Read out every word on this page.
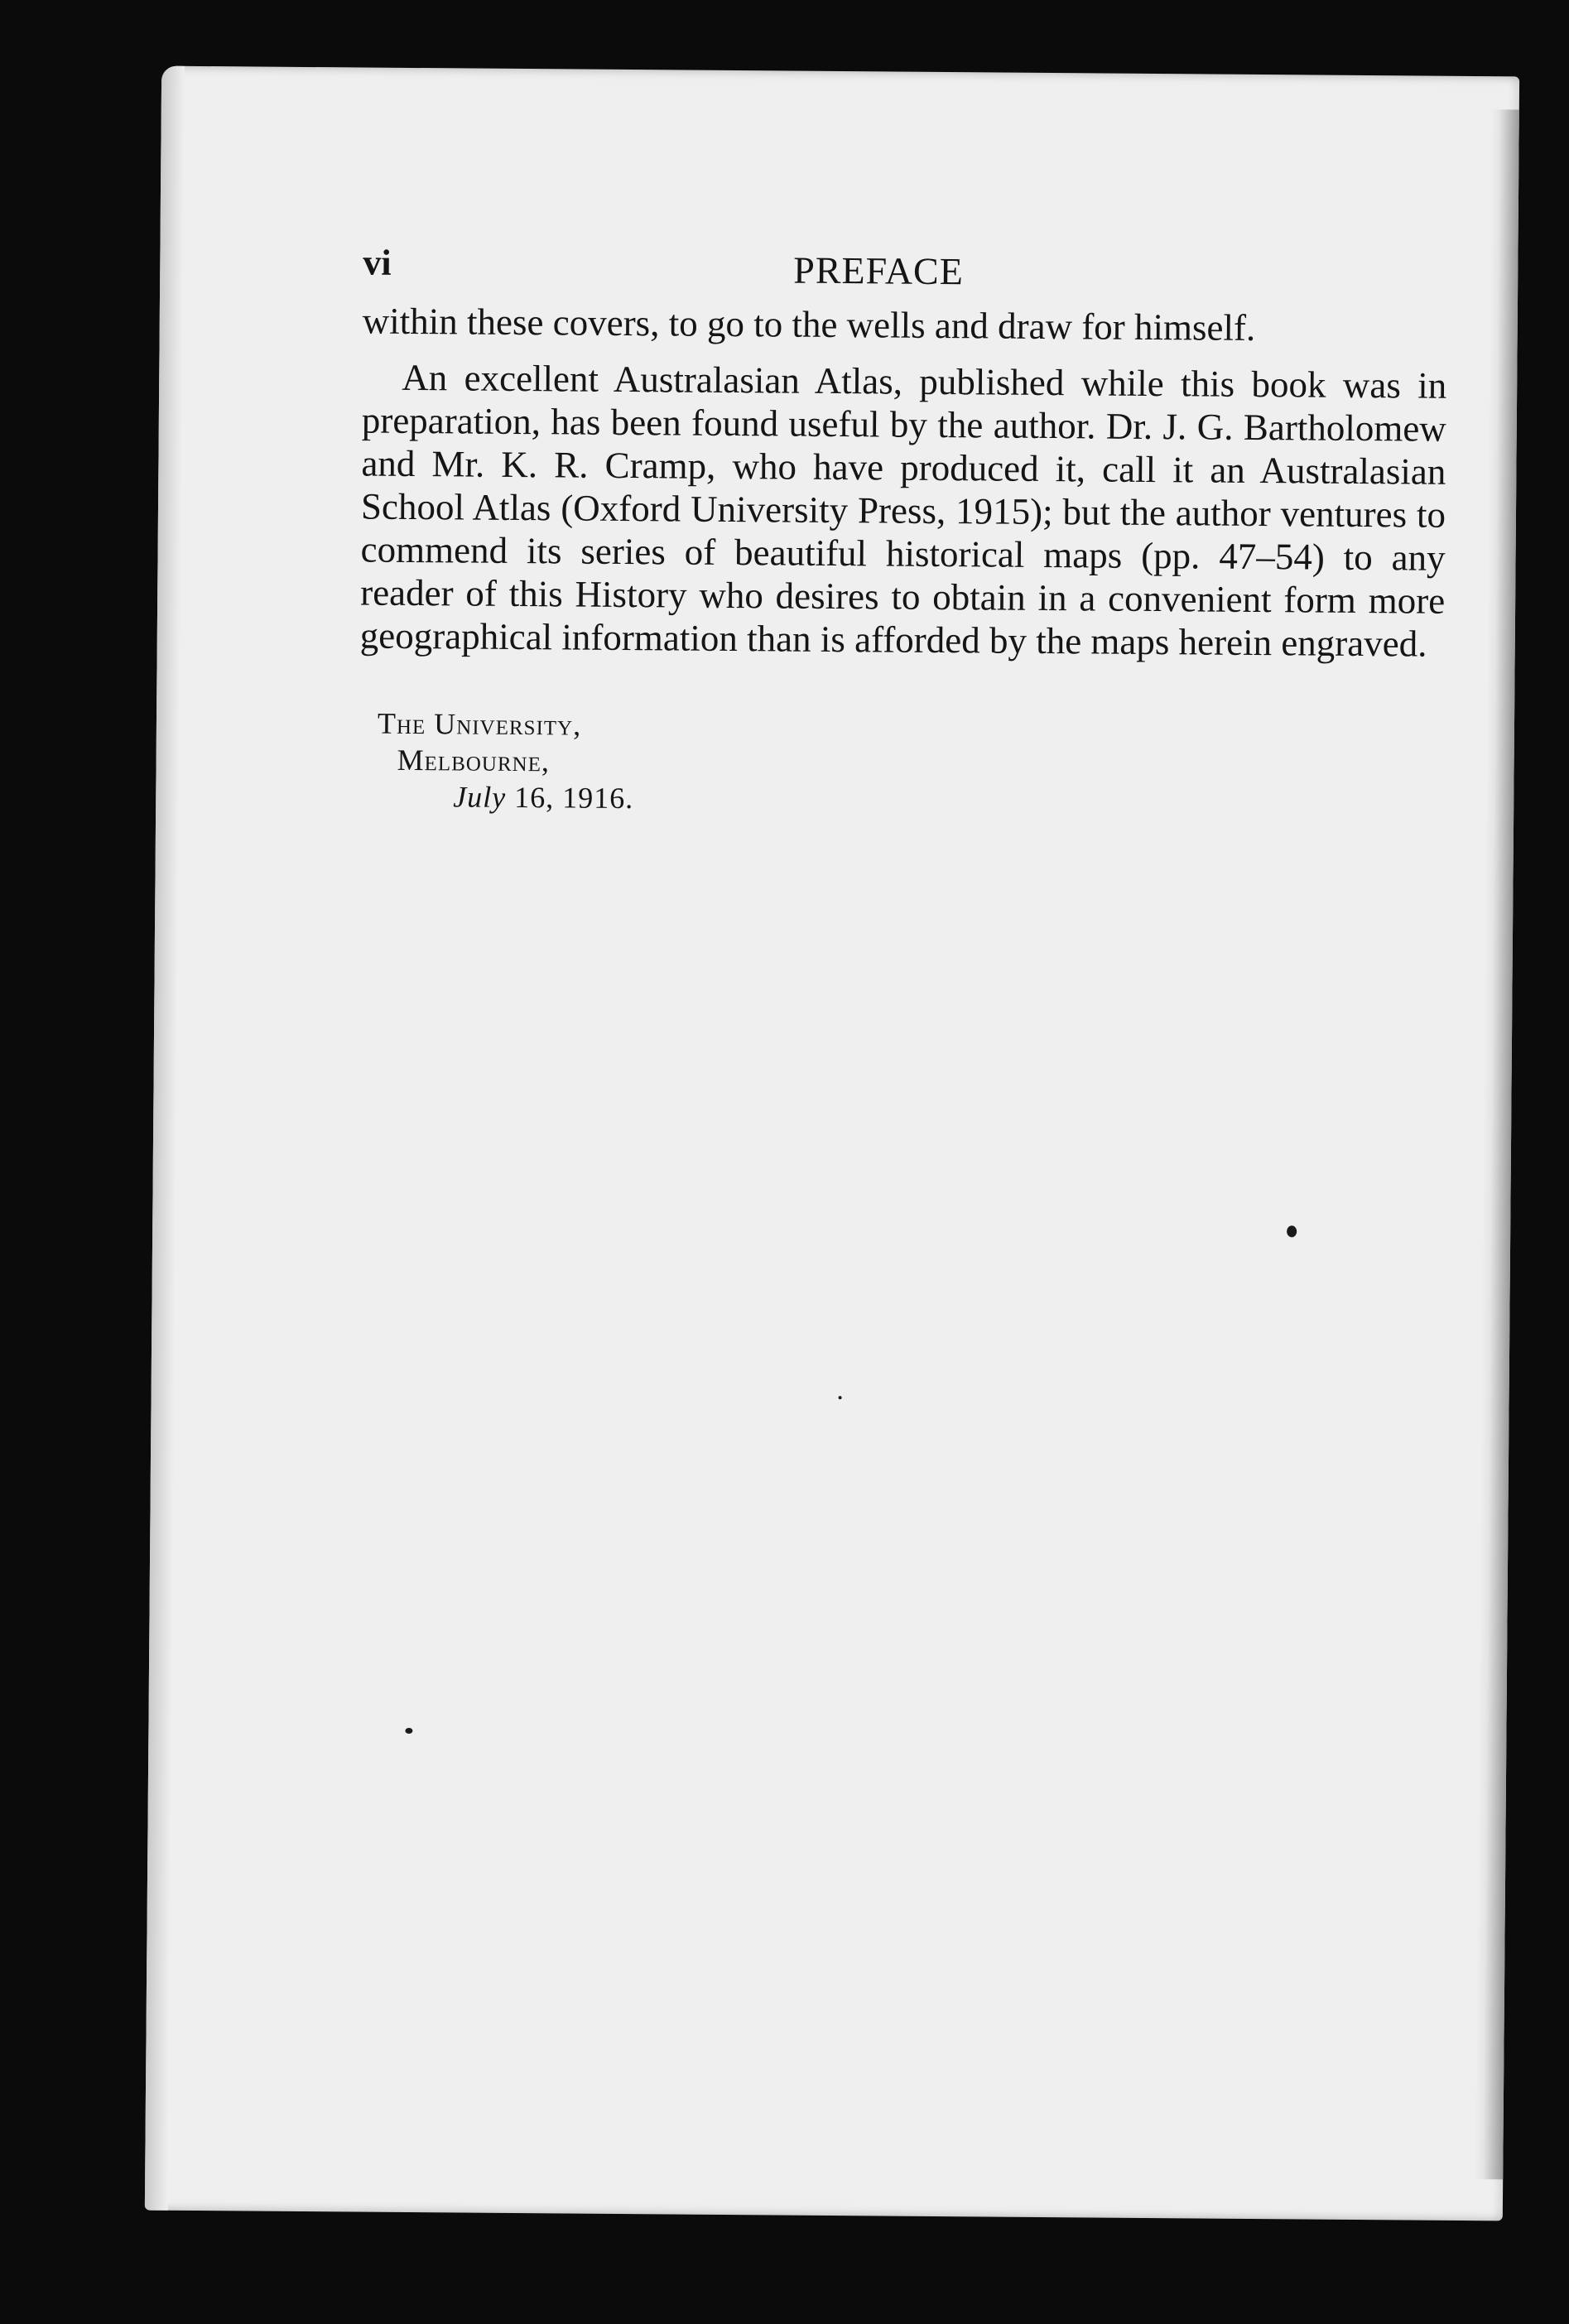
vi	PREFACE

within these covers, to go to the wells and draw for himself.

An excellent Australasian Atlas, published while this book was in preparation, has been found useful by the author. Dr. J. G. Bartholomew and Mr. K. R. Cramp, who have produced it, call it an Australasian School Atlas (Oxford University Press, 1915); but the author ventures to commend its series of beautiful historical maps (pp. 47–54) to any reader of this History who desires to obtain in a convenient form more geographical information than is afforded by the maps herein engraved.

The University,
Melbourne,
July 16, 1916.
